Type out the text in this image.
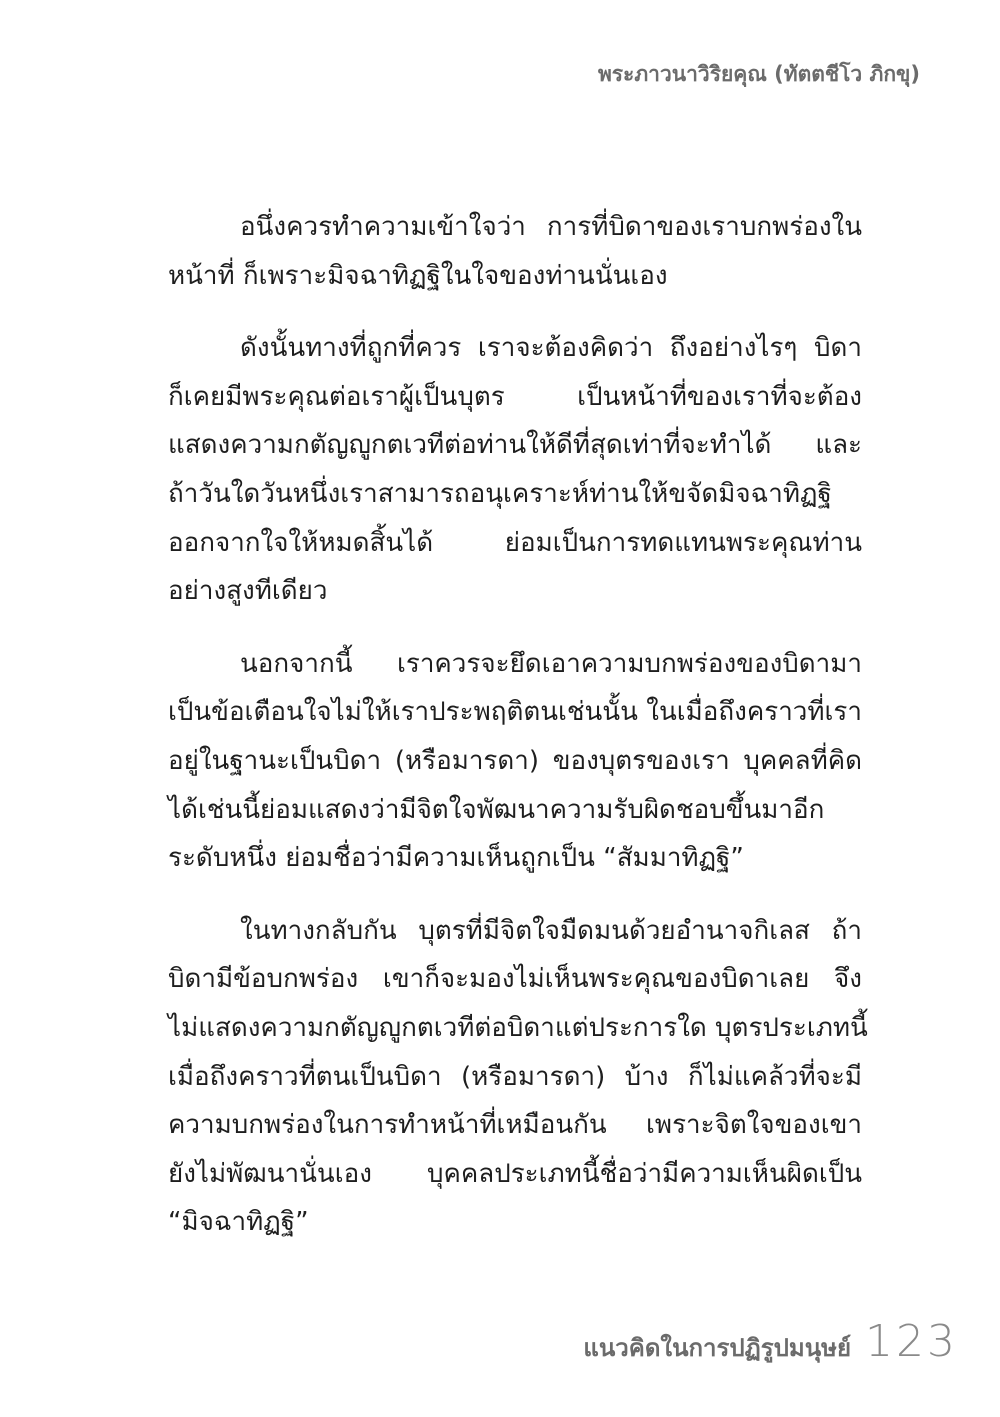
พระภาวนาวิริยคุณ (ทัตตชีโว ภิกขุ)
อนึ่งควรทำความเข้าใจว่า การที่บิดาของเราบกพร่องใน
หน้าที่ ก็เพราะมิจฉาทิฏฐิในใจของท่านนั่นเอง
ดังนั้นทางที่ถูกที่ควร เราจะต้องคิดว่า ถึงอย่างไรๆ บิดา
ก็เคยมีพระคุณต่อเราผู้เป็นบุตร เป็นหน้าที่ของเราที่จะต้อง
แสดงความกตัญญูกตเวทีต่อท่านให้ดีที่สุดเท่าที่จะทำได้ และ
ถ้าวันใดวันหนึ่งเราสามารถอนุเคราะห์ท่านให้ขจัดมิจฉาทิฏฐิ
ออกจากใจให้หมดสิ้นได้ ย่อมเป็นการทดแทนพระคุณท่าน
อย่างสูงทีเดียว
นอกจากนี้ เราควรจะยึดเอาความบกพร่องของบิดามา
เป็นข้อเตือนใจไม่ให้เราประพฤติตนเช่นนั้น ในเมื่อถึงคราวที่เรา
อยู่ในฐานะเป็นบิดา (หรือมารดา) ของบุตรของเรา บุคคลที่คิด
ได้เช่นนี้ย่อมแสดงว่ามีจิตใจพัฒนาความรับผิดชอบขึ้นมาอีก
ระดับหนึ่ง ย่อมชื่อว่ามีความเห็นถูกเป็น “สัมมาทิฏฐิ”
ในทางกลับกัน บุตรที่มีจิตใจมืดมนด้วยอำนาจกิเลส ถ้า
บิดามีข้อบกพร่อง เขาก็จะมองไม่เห็นพระคุณของบิดาเลย จึง
ไม่แสดงความกตัญญูกตเวทีต่อบิดาแต่ประการใด บุตรประเภทนี้
เมื่อถึงคราวที่ตนเป็นบิดา (หรือมารดา) บ้าง ก็ไม่แคล้วที่จะมี
ความบกพร่องในการทำหน้าที่เหมือนกัน เพราะจิตใจของเขา
ยังไม่พัฒนานั่นเอง บุคคลประเภทนี้ชื่อว่ามีความเห็นผิดเป็น
“มิจฉาทิฏฐิ”
แนวคิดในการปฏิรูปมนุษย์ 123
